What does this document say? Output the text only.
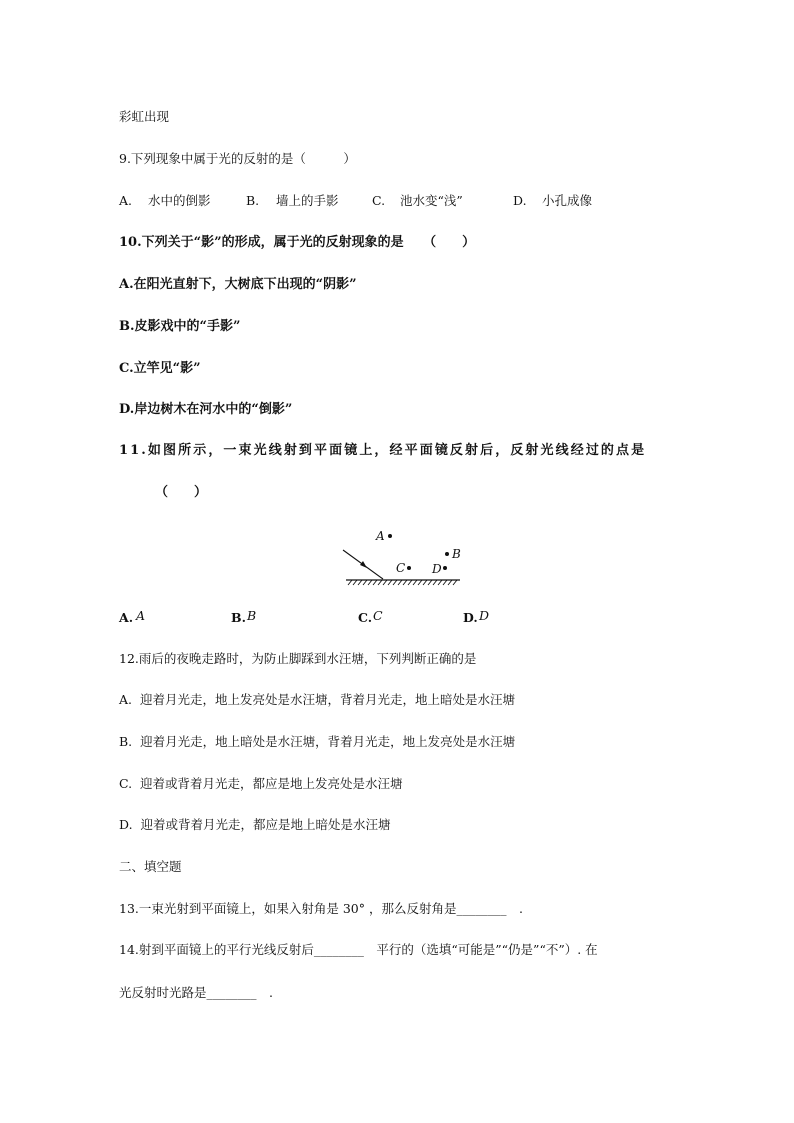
彩虹出现
9.下列现象中属于光的反射的是（　　　）
A. 水中的倒影	B. 墙上的手影	C. 池水变“浅”	D. 小孔成像
10.下列关于“影”的形成，属于光的反射现象的是　　（　　）
A.在阳光直射下，大树底下出现的“阴影”
B.皮影戏中的“手影”
C.立竿见“影”
D.岸边树木在河水中的“倒影”
11.如图所示，一束光线射到平面镜上，经平面镜反射后，反射光线经过的点是
（　　）
A
B
C D
A. A	B. B	C. C	D. D
12.雨后的夜晚走路时，为防止脚踩到水汪塘，下列判断正确的是
A.  迎着月光走，地上发亮处是水汪塘，背着月光走，地上暗处是水汪塘
B.  迎着月光走，地上暗处是水汪塘，背着月光走，地上发亮处是水汪塘
C.  迎着或背着月光走，都应是地上发亮处是水汪塘
D.  迎着或背着月光走，都应是地上暗处是水汪塘
二、填空题
13.一束光射到平面镜上，如果入射角是 30° ，那么反射角是________　.
14.射到平面镜上的平行光线反射后________　平行的（选填“可能是”“仍是”“不”）. 在
光反射时光路是________　.
